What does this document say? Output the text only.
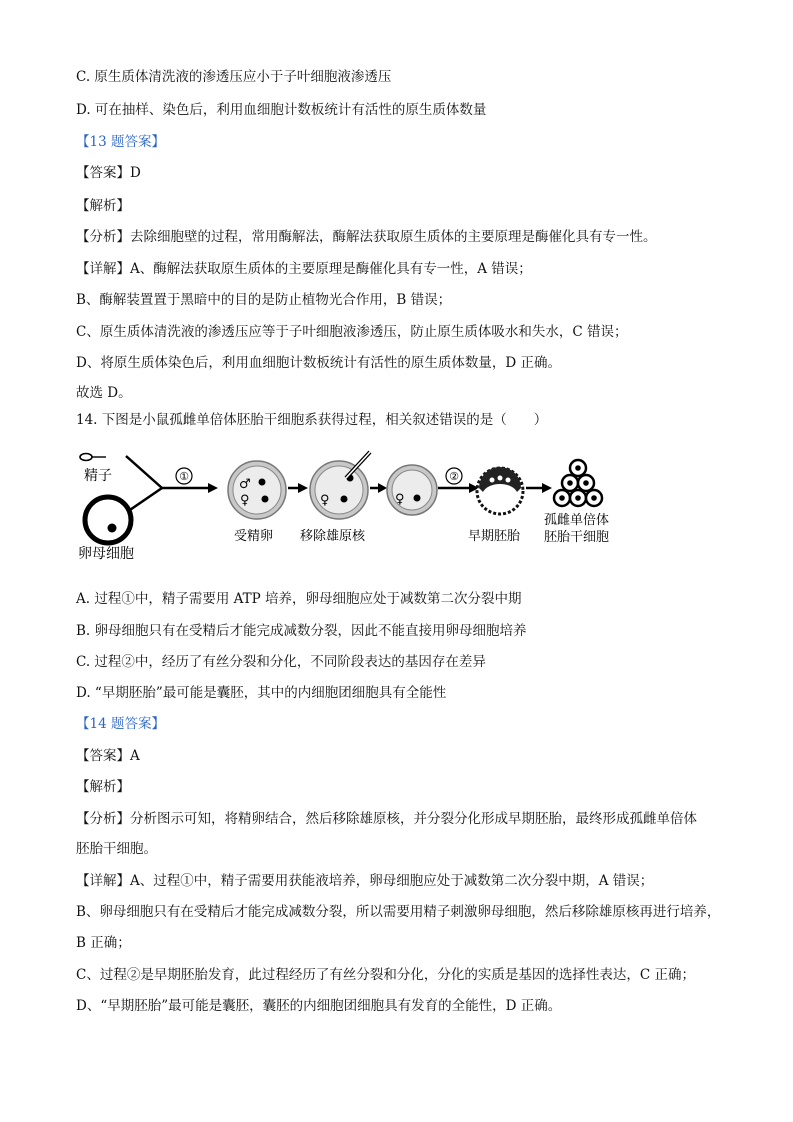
C. 原生质体清洗液的渗透压应小于子叶细胞液渗透压
D. 可在抽样、染色后，利用血细胞计数板统计有活性的原生质体数量
【13 题答案】
【答案】D
【解析】
【分析】去除细胞壁的过程，常用酶解法，酶解法获取原生质体的主要原理是酶催化具有专一性。
【详解】A、酶解法获取原生质体的主要原理是酶催化具有专一性，A 错误；
B、酶解装置置于黑暗中的目的是防止植物光合作用，B 错误；
C、原生质体清洗液的渗透压应等于子叶细胞液渗透压，防止原生质体吸水和失水，C 错误；
D、将原生质体染色后，利用血细胞计数板统计有活性的原生质体数量，D 正确。
故选 D。
14. 下图是小鼠孤雌单倍体胚胎干细胞系获得过程，相关叙述错误的是（　　）
精子	①
卵母细胞
♂
♀
受精卵
♀
移除雄原核
♀
②
早期胚胎
孤雌单倍体
胚胎干细胞
A. 过程①中，精子需要用 ATP 培养，卵母细胞应处于减数第二次分裂中期
B. 卵母细胞只有在受精后才能完成减数分裂，因此不能直接用卵母细胞培养
C. 过程②中，经历了有丝分裂和分化，不同阶段表达的基因存在差异
D. “早期胚胎”最可能是囊胚，其中的内细胞团细胞具有全能性
【14 题答案】
【答案】A
【解析】
【分析】分析图示可知，将精卵结合，然后移除雄原核，并分裂分化形成早期胚胎，最终形成孤雌单倍体
胚胎干细胞。
【详解】A、过程①中，精子需要用获能液培养，卵母细胞应处于减数第二次分裂中期，A 错误；
B、卵母细胞只有在受精后才能完成减数分裂，所以需要用精子刺激卵母细胞，然后移除雄原核再进行培养，
B 正确；
C、过程②是早期胚胎发育，此过程经历了有丝分裂和分化，分化的实质是基因的选择性表达，C 正确；
D、“早期胚胎”最可能是囊胚，囊胚的内细胞团细胞具有发育的全能性，D 正确。
